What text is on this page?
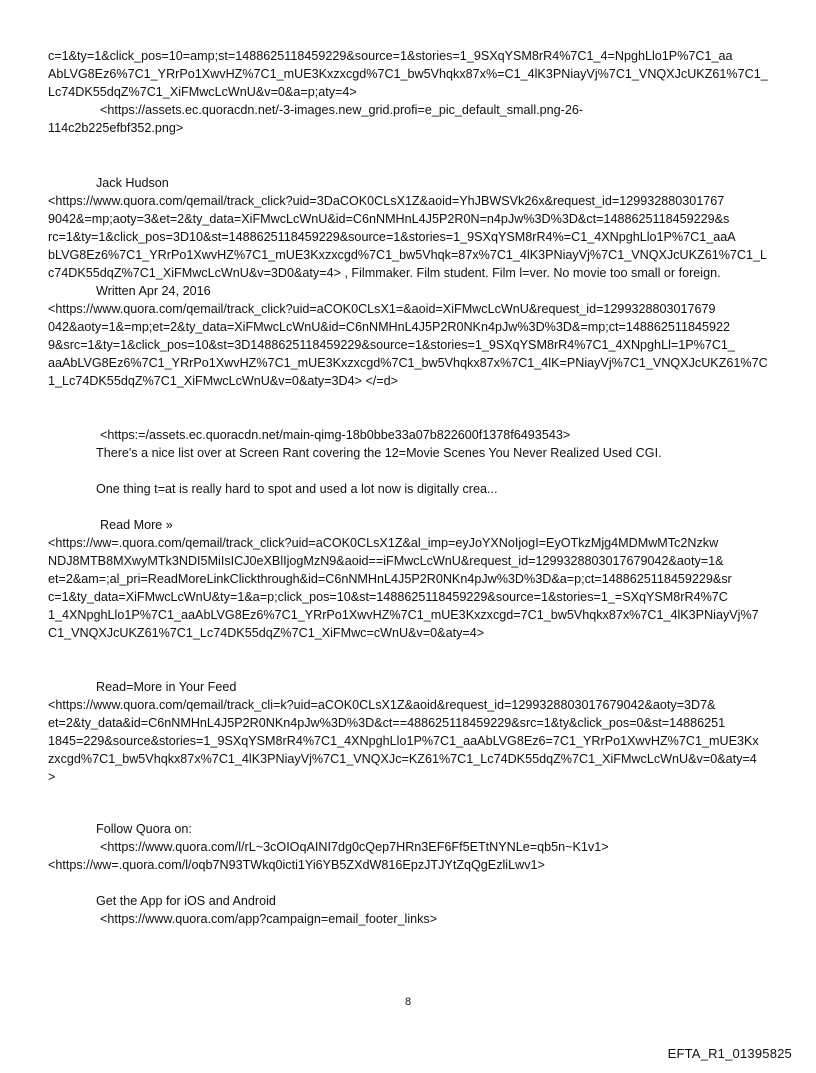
c=1&ty=1&click_pos=10=amp;st=1488625118459229&source=1&stories=1_9SXqYSM8rR4%7C1_4=NpghLlo1P%7C1_aa
AbLVG8Ez6%7C1_YRrPo1XwvHZ%7C1_mUE3Kxzxcgd%7C1_bw5Vhqkx87x%=C1_4lK3PNiayVj%7C1_VNQXJcUKZ61%7C1_
Lc74DK55dqZ%7C1_XiFMwcLcWnU&v=0&a=p;aty=4>
<https://assets.ec.quoracdn.net/-3-images.new_grid.profi=e_pic_default_small.png-26-
114c2b225efbf352.png>
Jack Hudson
<https://www.quora.com/qemail/track_click?uid=3DaCOK0CLsX1Z&aoid=YhJBWSVk26x&request_id=129932880301767
9042&=mp;aoty=3&et=2&ty_data=XiFMwcLcWnU&id=C6nNMHnL4J5P2R0N=n4pJw%3D%3D&ct=1488625118459229&s
rc=1&ty=1&click_pos=3D10&st=1488625118459229&source=1&stories=1_9SXqYSM8rR4%=C1_4XNpghLlo1P%7C1_aaA
bLVG8Ez6%7C1_YRrPo1XwvHZ%7C1_mUE3Kxzxcgd%7C1_bw5Vhqk=87x%7C1_4lK3PNiayVj%7C1_VNQXJcUKZ61%7C1_L
c74DK55dqZ%7C1_XiFMwcLcWnU&v=3D0&aty=4> , Filmmaker. Film student. Film l=ver. No movie too small or foreign.
Written Apr 24, 2016
<https://www.quora.com/qemail/track_click?uid=aCOK0CLsX1=&aoid=XiFMwcLcWnU&request_id=1299328803017679
042&aoty=1&=mp;et=2&ty_data=XiFMwcLcWnU&id=C6nNMHnL4J5P2R0NKn4pJw%3D%3D&=mp;ct=148862511845922
9&src=1&ty=1&click_pos=10&st=3D1488625118459229&source=1&stories=1_9SXqYSM8rR4%7C1_4XNpghLl=1P%7C1_
aaAbLVG8Ez6%7C1_YRrPo1XwvHZ%7C1_mUE3Kxzxcgd%7C1_bw5Vhqkx87x%7C1_4lK=PNiayVj%7C1_VNQXJcUKZ61%7C
1_Lc74DK55dqZ%7C1_XiFMwcLcWnU&v=0&aty=3D4> </=d>
<https:=/assets.ec.quoracdn.net/main-qimg-18b0bbe33a07b822600f1378f6493543>
There's a nice list over at Screen Rant covering the 12=Movie Scenes You Never Realized Used CGI.
One thing t=at is really hard to spot and used a lot now is digitally crea...
Read More »
<https://ww=.quora.com/qemail/track_click?uid=aCOK0CLsX1Z&al_imp=eyJoYXNoIjogI=EyOTkzMjg4MDMwMTc2Nzkw
NDJ8MTB8MXwyMTk3NDI5MiIsICJ0eXBlIjogMzN9&aoid==iFMwcLcWnU&request_id=1299328803017679042&aoty=1&
et=2&am=;al_pri=ReadMoreLinkClickthrough&id=C6nNMHnL4J5P2R0NKn4pJw%3D%3D&a=p;ct=1488625118459229&sr
c=1&ty_data=XiFMwcLcWnU&ty=1&a=p;click_pos=10&st=1488625118459229&source=1&stories=1_=SXqYSM8rR4%7C
1_4XNpghLlo1P%7C1_aaAbLVG8Ez6%7C1_YRrPo1XwvHZ%7C1_mUE3Kxzxcgd=7C1_bw5Vhqkx87x%7C1_4lK3PNiayVj%7
C1_VNQXJcUKZ61%7C1_Lc74DK55dqZ%7C1_XiFMwc=cWnU&v=0&aty=4>
Read=More in Your Feed
<https://www.quora.com/qemail/track_cli=k?uid=aCOK0CLsX1Z&aoid&request_id=1299328803017679042&aoty=3D7&
et=2&ty_data&id=C6nNMHnL4J5P2R0NKn4pJw%3D%3D&ct==488625118459229&src=1&ty&click_pos=0&st=14886251
1845=229&source&stories=1_9SXqYSM8rR4%7C1_4XNpghLlo1P%7C1_aaAbLVG8Ez6=7C1_YRrPo1XwvHZ%7C1_mUE3Kx
zxcgd%7C1_bw5Vhqkx87x%7C1_4lK3PNiayVj%7C1_VNQXJc=KZ61%7C1_Lc74DK55dqZ%7C1_XiFMwcLcWnU&v=0&aty=4
>
Follow Quora on:
<https://www.quora.com/l/rL~3cOIOqAINI7dg0cQep7HRn3EF6Ff5ETtNYNLe=qb5n~K1v1>
<https://ww=.quora.com/l/oqb7N93TWkq0icti1Yi6YB5ZXdW816EpzJTJYtZqQgEzliLwv1>
Get the App for iOS and Android
<https://www.quora.com/app?campaign=email_footer_links>
8
EFTA_R1_01395825
